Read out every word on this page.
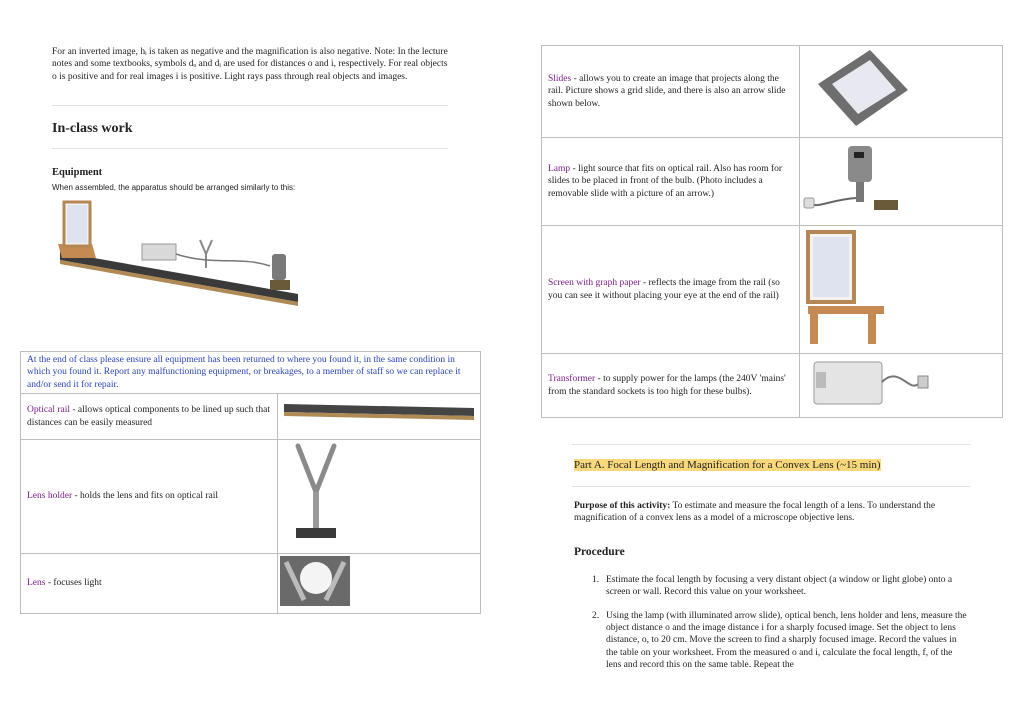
For an inverted image, hᵢ is taken as negative and the magnification is also negative. Note: In the lecture notes and some textbooks, symbols dₒ and dᵢ are used for distances o and i, respectively. For real objects o is positive and for real images i is positive. Light rays pass through real objects and images.
In-class work
Equipment
When assembled, the apparatus should be arranged similarly to this:
At the end of class please ensure all equipment has been returned to where you found it, in the same condition in which you found it. Report any malfunctioning equipment, or breakages, to a member of staff so we can replace it and/or send it for repair.	

Optical rail - allows optical components to be lined up such that distances can be easily measured

Lens holder - holds the lens and fits on optical rail

Lens - focuses light

Slides - allows you to create an image that projects along the rail. Picture shows a grid slide, and there is also an arrow slide shown below.

Lamp - light source that fits on optical rail. Also has room for slides to be placed in front of the bulb. (Photo includes a removable slide with a picture of an arrow.)

Screen with graph paper - reflects the image from the rail (so you can see it without placing your eye at the end of the rail)

Transformer - to supply power for the lamps (the 240V 'mains' from the standard sockets is too high for these bulbs).

Part A. Focal Length and Magnification for a Convex Lens (~15 min)
Purpose of this activity: To estimate and measure the focal length of a lens. To understand the magnification of a convex lens as a model of a microscope objective lens.
Procedure
1. Estimate the focal length by focusing a very distant object (a window or light globe) onto a screen or wall. Record this value on your worksheet.
2. Using the lamp (with illuminated arrow slide), optical bench, lens holder and lens, measure the object distance o and the image distance i for a sharply focused image. Set the object to lens distance, o, to 20 cm. Move the screen to find a sharply focused image. Record the values in the table on your worksheet. From the measured o and i, calculate the focal length, f, of the lens and record this on the same table. Repeat the
